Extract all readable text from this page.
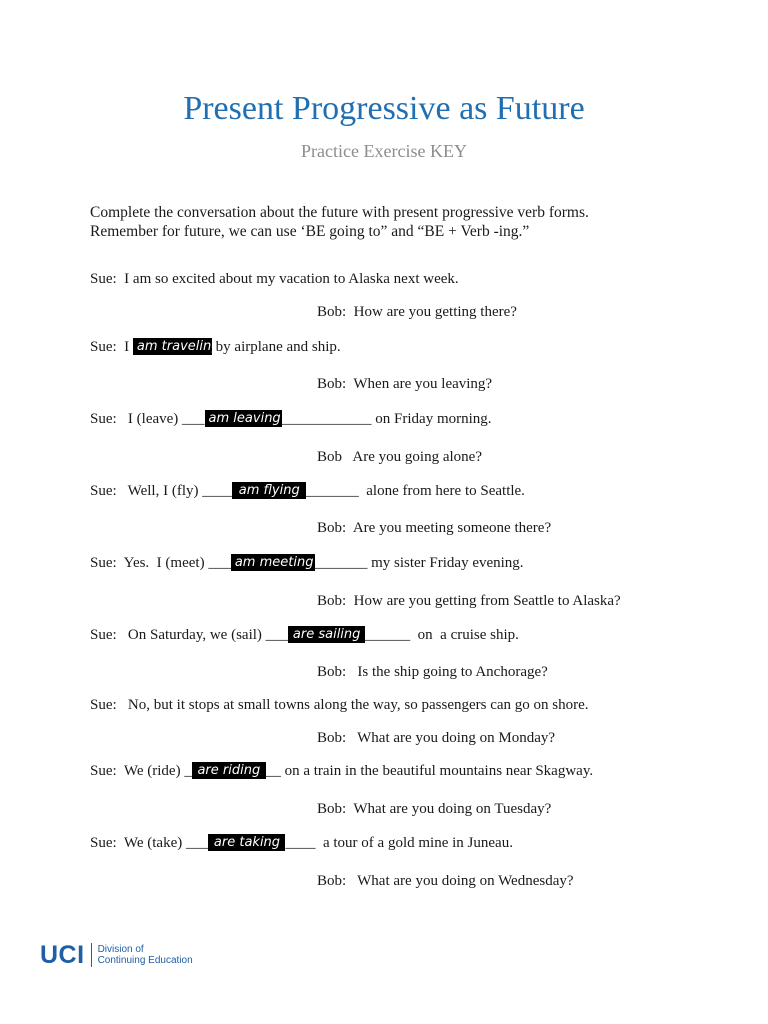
Present Progressive as Future
Practice Exercise KEY
Complete the conversation about the future with present progressive verb forms. Remember for future, we can use ‘BE going to” and “BE + Verb -ing.”
Sue:  I am so excited about my vacation to Alaska next week.
Bob:  How are you getting there?
Sue:  I am traveling by airplane and ship.
Bob:  When are you leaving?
Sue:   I (leave) ___ am leaving____________ on Friday morning.
Bob   Are you going alone?
Sue:   Well, I (fly) ____ am flying _______  alone from here to Seattle.
Bob:  Are you meeting someone there?
Sue:  Yes.  I (meet) ___ am meeting_______ my sister Friday evening.
Bob:  How are you getting from Seattle to Alaska?
Sue:   On Saturday, we (sail) ___ are sailing ______  on  a cruise ship.
Bob:   Is the ship going to Anchorage?
Sue:   No, but it stops at small towns along the way, so passengers can go on shore.
Bob:   What are you doing on Monday?
Sue:  We (ride) _ are riding __ on a train in the beautiful mountains near Skagway.
Bob:  What are you doing on Tuesday?
Sue:  We (take) ___ are taking ____  a tour of a gold mine in Juneau.
Bob:   What are you doing on Wednesday?
UCI Division of
Continuing Education
